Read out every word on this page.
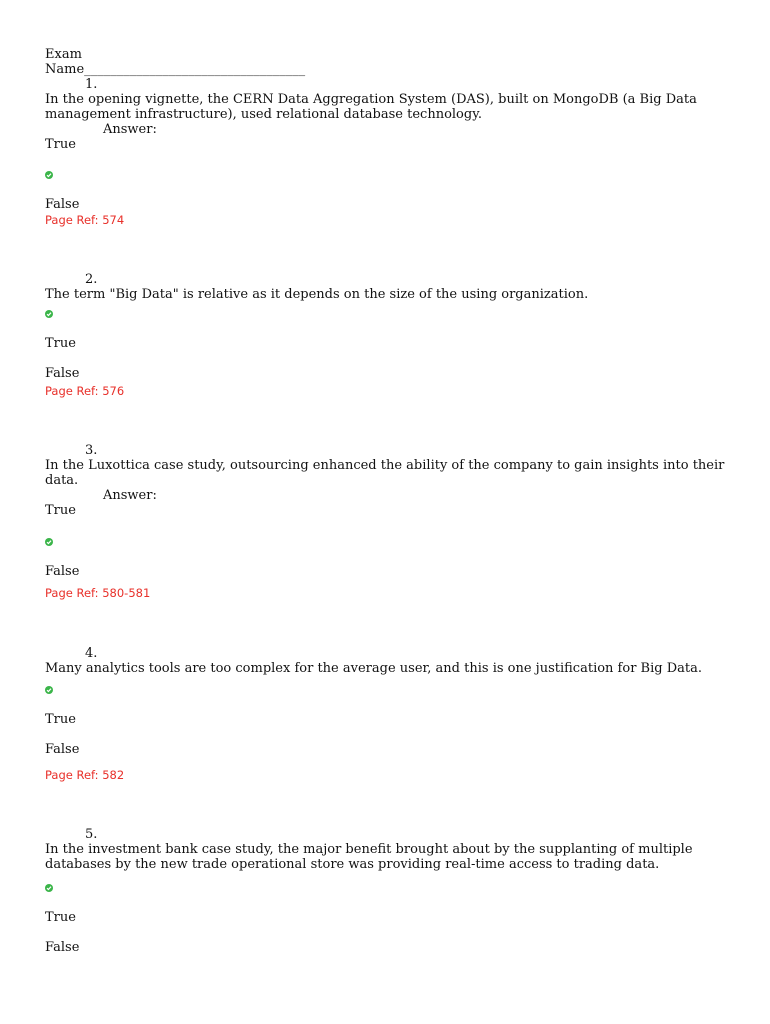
Exam
Name__________________________________
1.
In the opening vignette, the CERN Data Aggregation System (DAS), built on MongoDB (a Big Data
management infrastructure), used relational database technology.
Answer:
True
False
Page Ref: 574
2.
The term "Big Data" is relative as it depends on the size of the using organization.
True
False
Page Ref: 576
3.
In the Luxottica case study, outsourcing enhanced the ability of the company to gain insights into their
data.
Answer:
True
False
Page Ref: 580-581
4.
Many analytics tools are too complex for the average user, and this is one justification for Big Data.
True
False
Page Ref: 582
5.
In the investment bank case study, the major benefit brought about by the supplanting of multiple
databases by the new trade operational store was providing real-time access to trading data.
True
False
